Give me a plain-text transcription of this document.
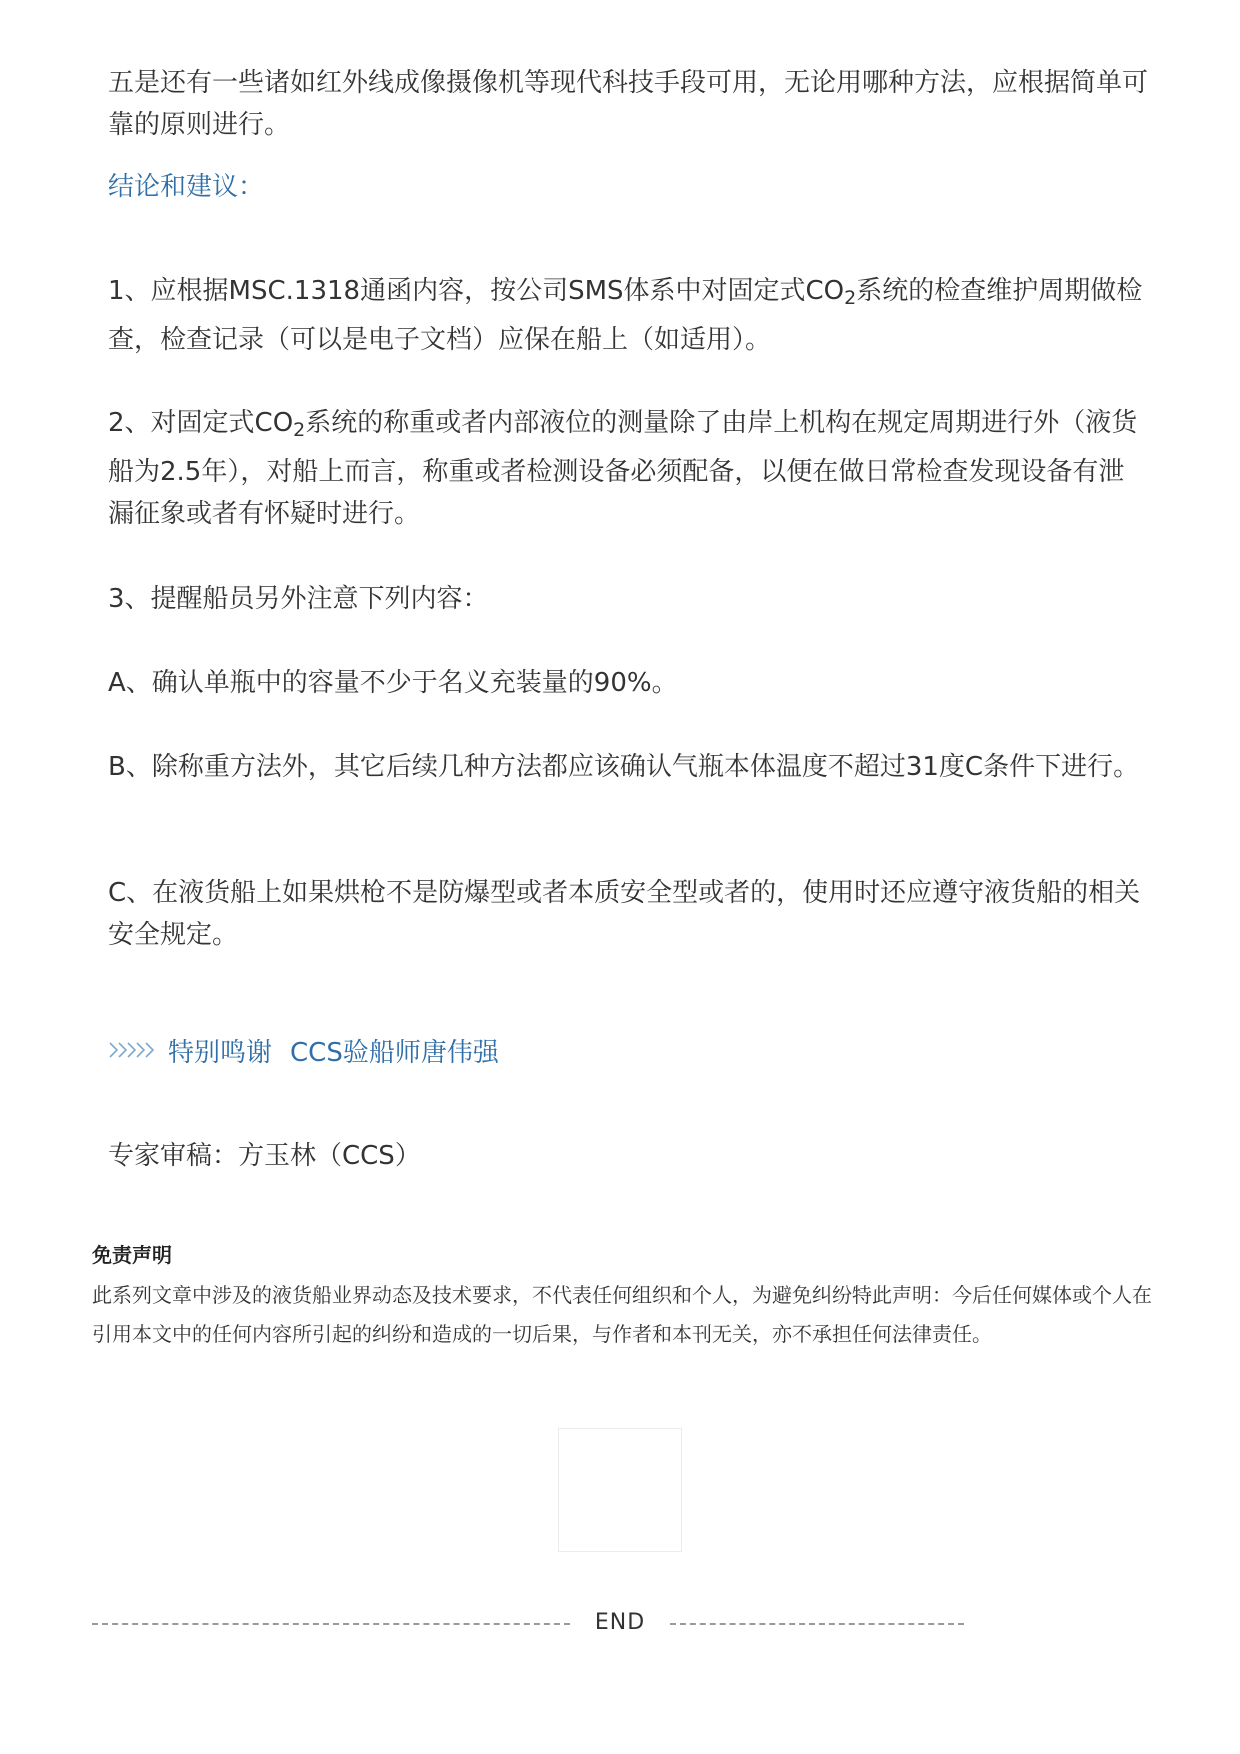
五是还有一些诸如红外线成像摄像机等现代科技手段可用，无论用哪种方法，应根据简单可靠的原则进行。

结论和建议：

1、应根据MSC.1318通函内容，按公司SMS体系中对固定式$CO_2$系统的检查维护周期做检查，检查记录（可以是电子文档）应保在船上（如适用）。

2、对固定式$CO_2$系统的称重或者内部液位的测量除了由岸上机构在规定周期进行外（液货船为2.5年），对船上而言，称重或者检测设备必须配备，以便在做日常检查发现设备有泄漏征象或者有怀疑时进行。

3、提醒船员另外注意下列内容：

A、确认单瓶中的容量不少于名义充装量的90%。

B、除称重方法外，其它后续几种方法都应该确认气瓶本体温度不超过31度C条件下进行。

C、在液货船上如果烘枪不是防爆型或者本质安全型或者的，使用时还应遵守液货船的相关安全规定。

特别鸣谢 CCS验船师唐伟强

专家审稿：方玉林（CCS）

免责声明

此系列文章中涉及的液货船业界动态及技术要求，不代表任何组织和个人，为避免纠纷特此声明：今后任何媒体或个人在引用本文中的任何内容所引起的纠纷和造成的一切后果，与作者和本刊无关，亦不承担任何法律责任。

END
